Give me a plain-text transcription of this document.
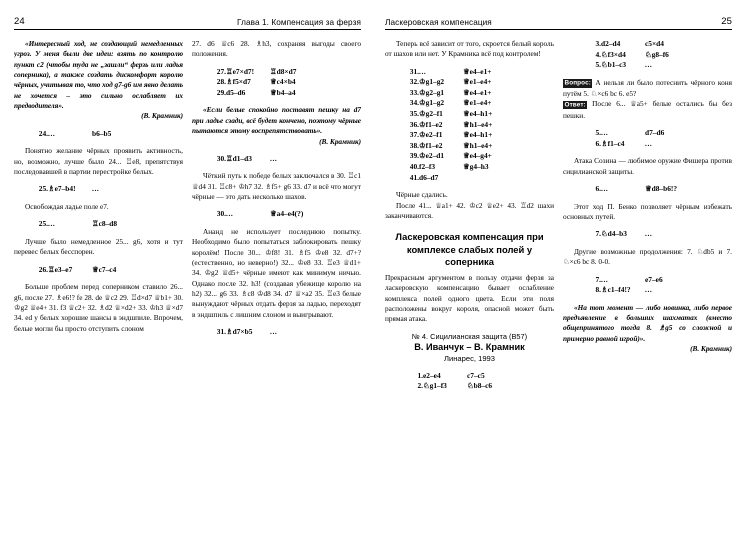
24	Глава 1. Компенсация за ферзя

«Интересный ход, не создающий немедленных угроз. У меня были две идеи: взять по контролю пункт с2 (чтобы туда не „зашли“ ферзь или ладья соперника), а также создать дискомфорт королю чёрных, учитывая то, что ход g7-g6 им явно делать не хочется – это сильно ослабляет их предводителя».
(В. Крамник)

24.	...	b6–b5

Понятно желание чёрных проявить активность, но, возможно, лучше было 24... ♖e8, препятствуя последовавшей в партии перестройке белых.

25.	♗e7–b4!	...

Освобождая ладье поле e7.

25.	...	♖c8–d8

Лучше было немедленное 25... g6, хотя и тут перевес белых бесспорен.

26.	♖e3–e7	♕c7–c4

Больше проблем перед соперником ставило 26... g6, после 27. ♗e6!? fe 28. de ♕c2 29. ♖d×d7 ♕b1+ 30. ♔g2 ♕e4+ 31. f3 ♕c2+ 32. ♗d2 ♕×d2+ 33. ♔h3 ♕×d7 34. ed у белых хорошие шансы в эндшпиле. Впрочем, белые могли бы просто отступить слоном

27. d6 ♕c6 28. ♗h3, сохраняя выгоды своего положения.

27.	♖e7×d7!	♖d8×d7
28.	♗f5×d7	♕c4×b4
29.	d5–d6	♕b4–a4

«Если белые спокойно поставят пешку на d7 при ладье сзади, всё будет кончено, поэтому чёрные пытаются этому воспрепятствовать».
(В. Крамник)

30.	♖d1–d3	...

Чёткий путь к победе белых заключался в 30. ♖c1 ♕d4 31. ♖c8+ ♔h7 32. ♗f5+ g6 33. d7 и всё что могут чёрные — это дать несколько шахов.

30.	...	♕a4–e4(?)

Ананд не использует последнюю попытку. Необходимо было попытаться заблокировать пешку королём! После 30... ♔f8! 31. ♗f5 ♔e8 32. d7+? (естественно, но неверно!) 32... ♔e8 33. ♖e3 ♕d1+ 34. ♔g2 ♕d5+ чёрные имеют как минимум ничью. Однако после 32. h3! (создавая убежище королю на h2) 32... g6 33. ♗c8 ♔d8 34. d7 ♕×a2 35. ♖e3 белые вынуждают чёрных отдать ферзя за ладью, переходят в эндшпиль с лишним слоном и выигрывают.

31.	♗d7×b5	...
Ласкеровская компенсация	25

Теперь всё зависит от того, скроется белый король от шахов или нет. У Крамника всё под контролем!

31.	...	♕e4–e1+
32.	♔g1–g2	♕e1–e4+
33.	♔g2–g1	♕e4–e1+
34.	♔g1–g2	♕e1–e4+
35.	♔g2–f1	♕e4–h1+
36.	♔f1–e2	♕h1–e4+
37.	♔e2–f1	♕e4–h1+
38.	♔f1–e2	♕h1–e4+
39.	♔e2–d1	♕e4–g4+
40.	f2–f3	♕g4–h3
41.	d6–d7	

Чёрные сдались.

После 41... ♕a1+ 42. ♔c2 ♕e2+ 43. ♖d2 шахи заканчиваются.

Ласкеровская компенсация при комплексе слабых полей у соперника

Прекрасным аргументом в пользу отдачи ферзя за ласкеровскую компенсацию бывает ослабление комплекса полей одного цвета. Если эти поля расположены вокруг короля, опасной может быть прямая атака.

№ 4. Сицилианская защита (B57)

В. Иванчук – В. Крамник

Линарес, 1993

1.	e2–e4	c7–c5
2.	♘g1–f3	♘b8–c6
3.	d2–d4	c5×d4
4.	♘f3×d4	♘g8–f6
5.	♘b1–c3	...

Вопрос: А нельзя ли было потеснить чёрного коня путём 5. ♘×c6 bc 6. e5?

Ответ: После 6... ♕a5+ белые остались бы без пешки.

5.	...	d7–d6
6.	♗f1–c4	...

Атака Созина — любимое оружие Фишера против сицилианской защиты.

6.	...	♕d8–b6!?

Этот ход П. Бенко позволяет чёрным избежать основных путей.

7.	♘d4–b3	...

Другие возможные продолжения: 7. ♘db5 и 7. ♘×c6 bc 8. 0-0.

7.	...	e7–e6
8.	♗c1–f4!?	...

«На тот момент — либо новинка, либо первое предъявление в больших шахматах (вместо общепринятого тогда 8. ♗g5 со сложной и примерно равной игрой)».
(В. Крамник)
